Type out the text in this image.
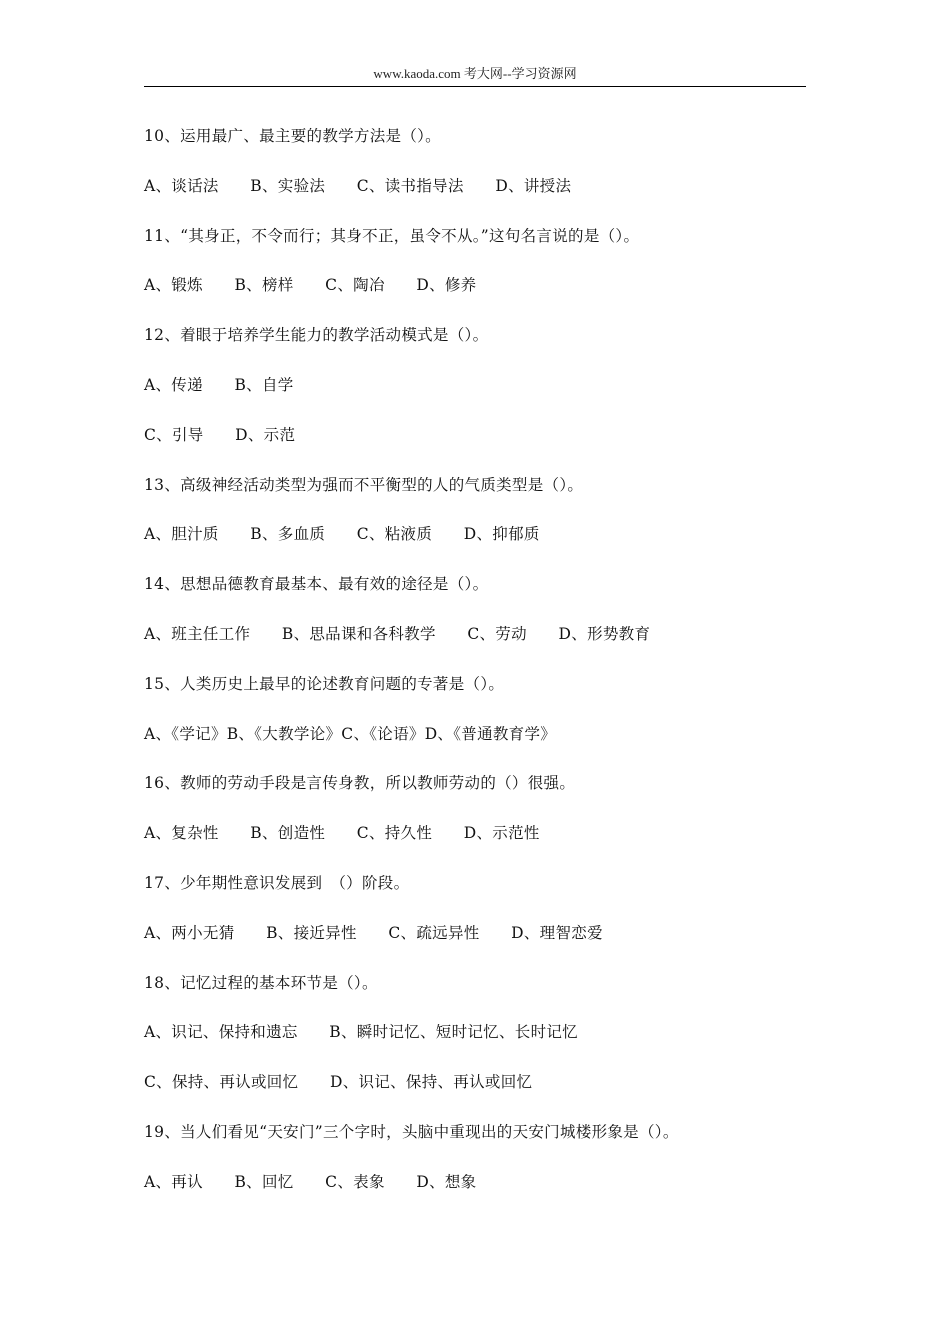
www.kaoda.com 考大网--学习资源网
10、运用最广、最主要的教学方法是（）。
A、谈话法　　B、实验法　　C、读书指导法　　D、讲授法
11、“其身正，不令而行；其身不正，虽令不从。”这句名言说的是（）。
A、锻炼　　B、榜样　　C、陶冶　　D、修养
12、着眼于培养学生能力的教学活动模式是（）。
A、传递　　B、自学
C、引导　　D、示范
13、高级神经活动类型为强而不平衡型的人的气质类型是（）。
A、胆汁质　　B、多血质　　C、粘液质　　D、抑郁质
14、思想品德教育最基本、最有效的途径是（）。
A、班主任工作　　B、思品课和各科教学　　C、劳动　　D、形势教育
15、人类历史上最早的论述教育问题的专著是（）。
A、《学记》B、《大教学论》C、《论语》D、《普通教育学》
16、教师的劳动手段是言传身教，所以教师劳动的（）很强。
A、复杂性　　B、创造性　　C、持久性　　D、示范性
17、少年期性意识发展到　（）阶段。
A、两小无猜　　B、接近异性　　C、疏远异性　　D、理智恋爱
18、记忆过程的基本环节是（）。
A、识记、保持和遗忘　　B、瞬时记忆、短时记忆、长时记忆
C、保持、再认或回忆　　D、识记、保持、再认或回忆
19、当人们看见“天安门”三个字时，头脑中重现出的天安门城楼形象是（）。
A、再认　　B、回忆　　C、表象　　D、想象
